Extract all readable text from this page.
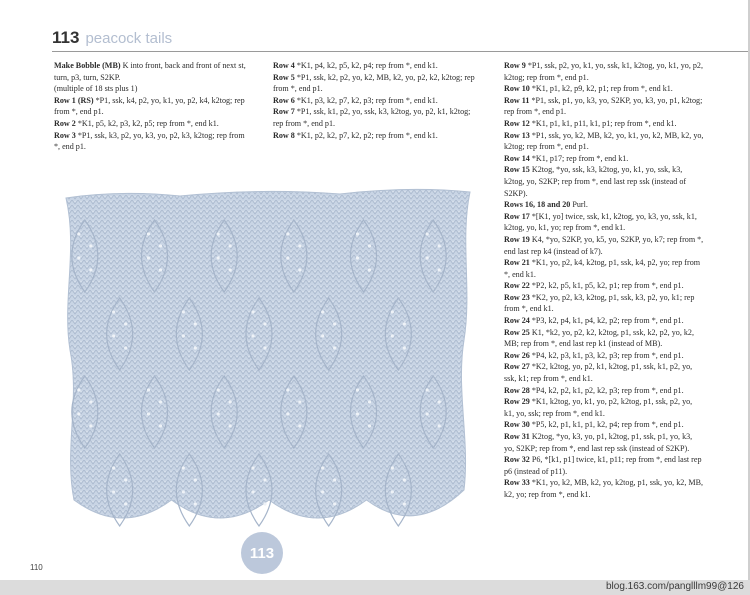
113 peacock tails

Make Bobble (MB) K into front, back and front of next st, turn, p3, turn, S2KP.

(multiple of 18 sts plus 1)

Row 1 (RS) *P1, ssk, k4, p2, yo, k1, yo, p2, k4, k2tog; rep from *, end p1.

Row 2 *K1, p5, k2, p3, k2, p5; rep from *, end k1.

Row 3 *P1, ssk, k3, p2, yo, k3, yo, p2, k3, k2tog; rep from *, end p1.

Row 4 *K1, p4, k2, p5, k2, p4; rep from *, end k1.

Row 5 *P1, ssk, k2, p2, yo, k2, MB, k2, yo, p2, k2, k2tog; rep from *, end p1.

Row 6 *K1, p3, k2, p7, k2, p3; rep from *, end k1.

Row 7 *P1, ssk, k1, p2, yo, ssk, k3, k2tog, yo, p2, k1, k2tog; rep from *, end p1.

Row 8 *K1, p2, k2, p7, k2, p2; rep from *, end k1.

Row 9 *P1, ssk, p2, yo, k1, yo, ssk, k1, k2tog, yo, k1, yo, p2, k2tog; rep from *, end p1.

Row 10 *K1, p1, k2, p9, k2, p1; rep from *, end k1.

Row 11 *P1, ssk, p1, yo, k3, yo, S2KP, yo, k3, yo, p1, k2tog; rep from *, end p1.

Row 12 *K1, p1, k1, p11, k1, p1; rep from *, end k1.

Row 13 *P1, ssk, yo, k2, MB, k2, yo, k1, yo, k2, MB, k2, yo, k2tog; rep from *, end p1.

Row 14 *K1, p17; rep from *, end k1.

Row 15 K2tog, *yo, ssk, k3, k2tog, yo, k1, yo, ssk, k3, k2tog, yo, S2KP; rep from *, end last rep ssk (instead of S2KP).

Rows 16, 18 and 20 Purl.

Row 17 *[K1, yo] twice, ssk, k1, k2tog, yo, k3, yo, ssk, k1, k2tog, yo, k1, yo; rep from *, end k1.

Row 19 K4, *yo, S2KP, yo, k5, yo, S2KP, yo, k7; rep from *, end last rep k4 (instead of k7).

Row 21 *K1, yo, p2, k4, k2tog, p1, ssk, k4, p2, yo; rep from *, end k1.

Row 22 *P2, k2, p5, k1, p5, k2, p1; rep from *, end p1.

Row 23 *K2, yo, p2, k3, k2tog, p1, ssk, k3, p2, yo, k1; rep from *, end k1.

Row 24 *P3, k2, p4, k1, p4, k2, p2; rep from *, end p1.

Row 25 K1, *k2, yo, p2, k2, k2tog, p1, ssk, k2, p2, yo, k2, MB; rep from *, end last rep k1 (instead of MB).

Row 26 *P4, k2, p3, k1, p3, k2, p3; rep from *, end p1.

Row 27 *K2, k2tog, yo, p2, k1, k2tog, p1, ssk, k1, p2, yo, ssk, k1; rep from *, end k1.

Row 28 *P4, k2, p2, k1, p2, k2, p3; rep from *, end p1.

Row 29 *K1, k2tog, yo, k1, yo, p2, k2tog, p1, ssk, p2, yo, k1, yo, ssk; rep from *, end k1.

Row 30 *P5, k2, p1, k1, p1, k2, p4; rep from *, end p1.

Row 31 K2tog, *yo, k3, yo, p1, k2tog, p1, ssk, p1, yo, k3, yo, S2KP; rep from *, end last rep ssk (instead of S2KP).

Row 32 P6, *[k1, p1] twice, k1, p11; rep from *, end last rep p6 (instead of p11).

Row 33 *K1, yo, k2, MB, k2, yo, k2tog, p1, ssk, yo, k2, MB, k2, yo; rep from *, end k1.

113
110
blog.163.com/panglllm99@126
